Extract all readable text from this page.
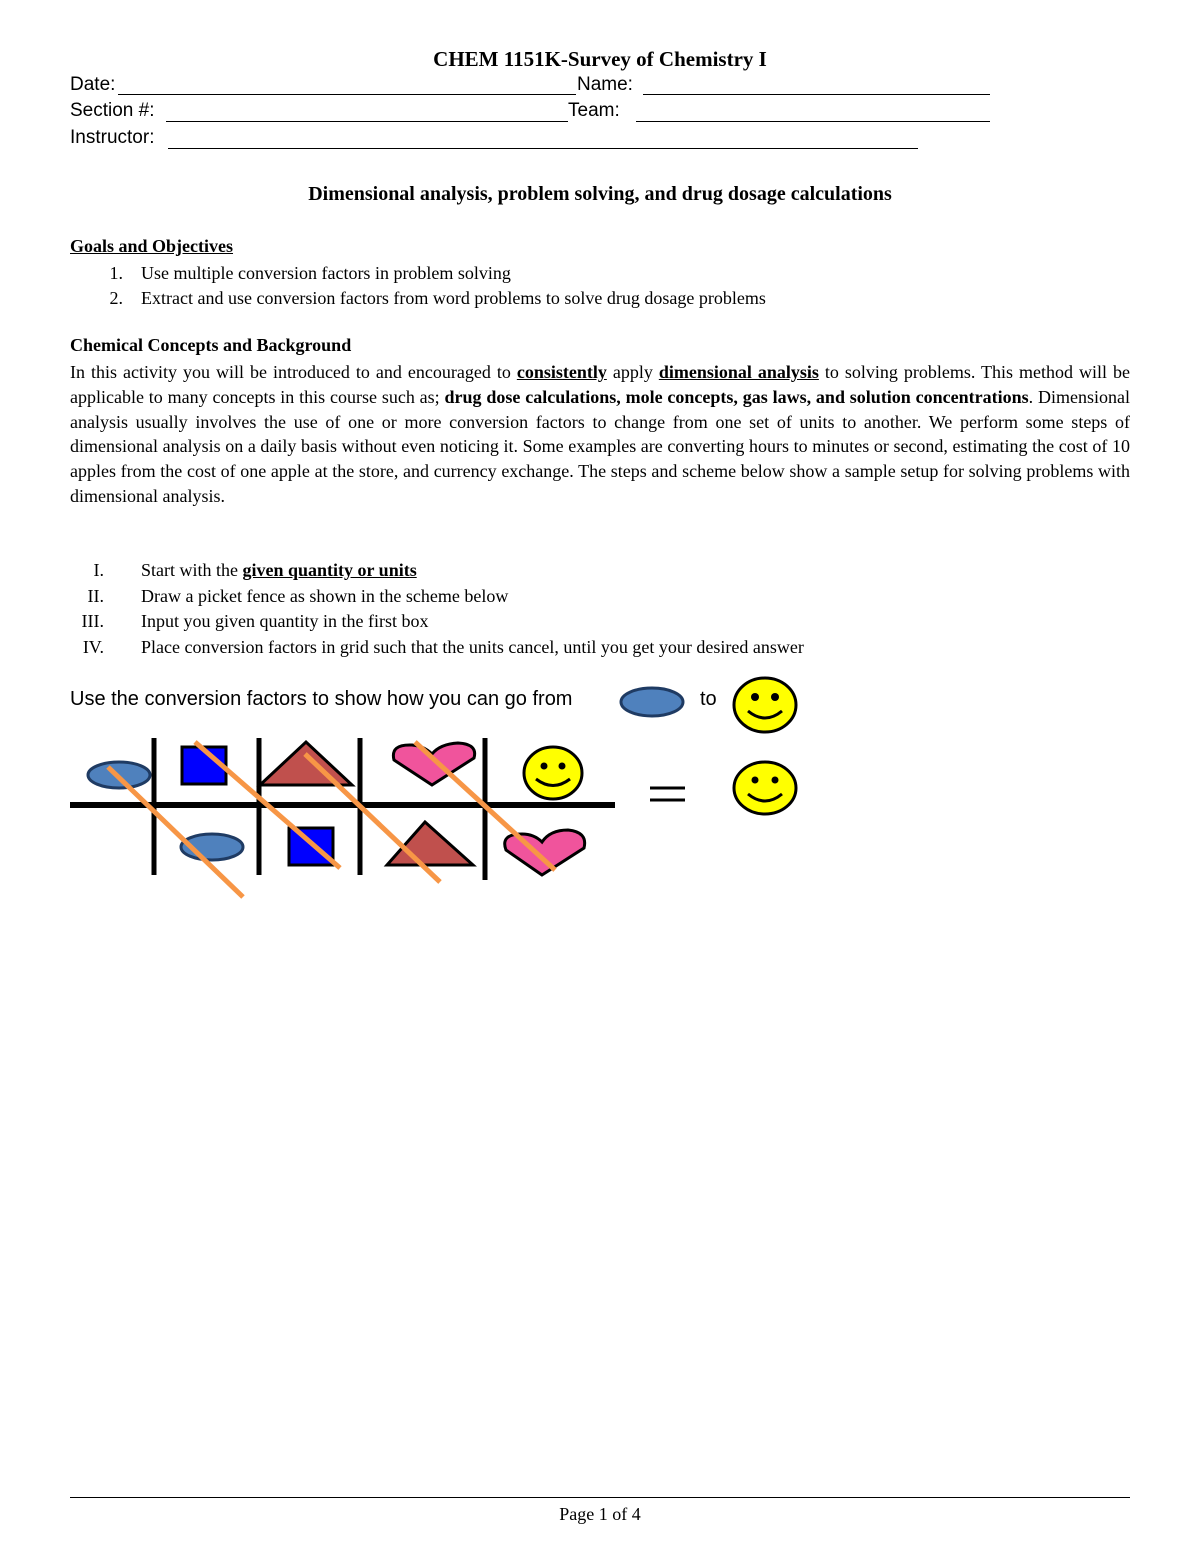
CHEM 1151K-Survey of Chemistry I
Date:	Name:
Section #:	Team:
Instructor:
Dimensional analysis, problem solving, and drug dosage calculations
Goals and Objectives
1. Use multiple conversion factors in problem solving
2. Extract and use conversion factors from word problems to solve drug dosage problems
Chemical Concepts and Background
In this activity you will be introduced to and encouraged to consistently apply dimensional analysis to solving problems. This method will be applicable to many concepts in this course such as; drug dose calculations, mole concepts, gas laws, and solution concentrations. Dimensional analysis usually involves the use of one or more conversion factors to change from one set of units to another. We perform some steps of dimensional analysis on a daily basis without even noticing it. Some examples are converting hours to minutes or second, estimating the cost of 10 apples from the cost of one apple at the store, and currency exchange. The steps and scheme below show a sample setup for solving problems with dimensional analysis.
I. Start with the given quantity or units
II. Draw a picket fence as shown in the scheme below
III. Input you given quantity in the first box
IV. Place conversion factors in grid such that the units cancel, until you get your desired answer
Use the conversion factors to show how you can go from	to
Page 1 of 4
